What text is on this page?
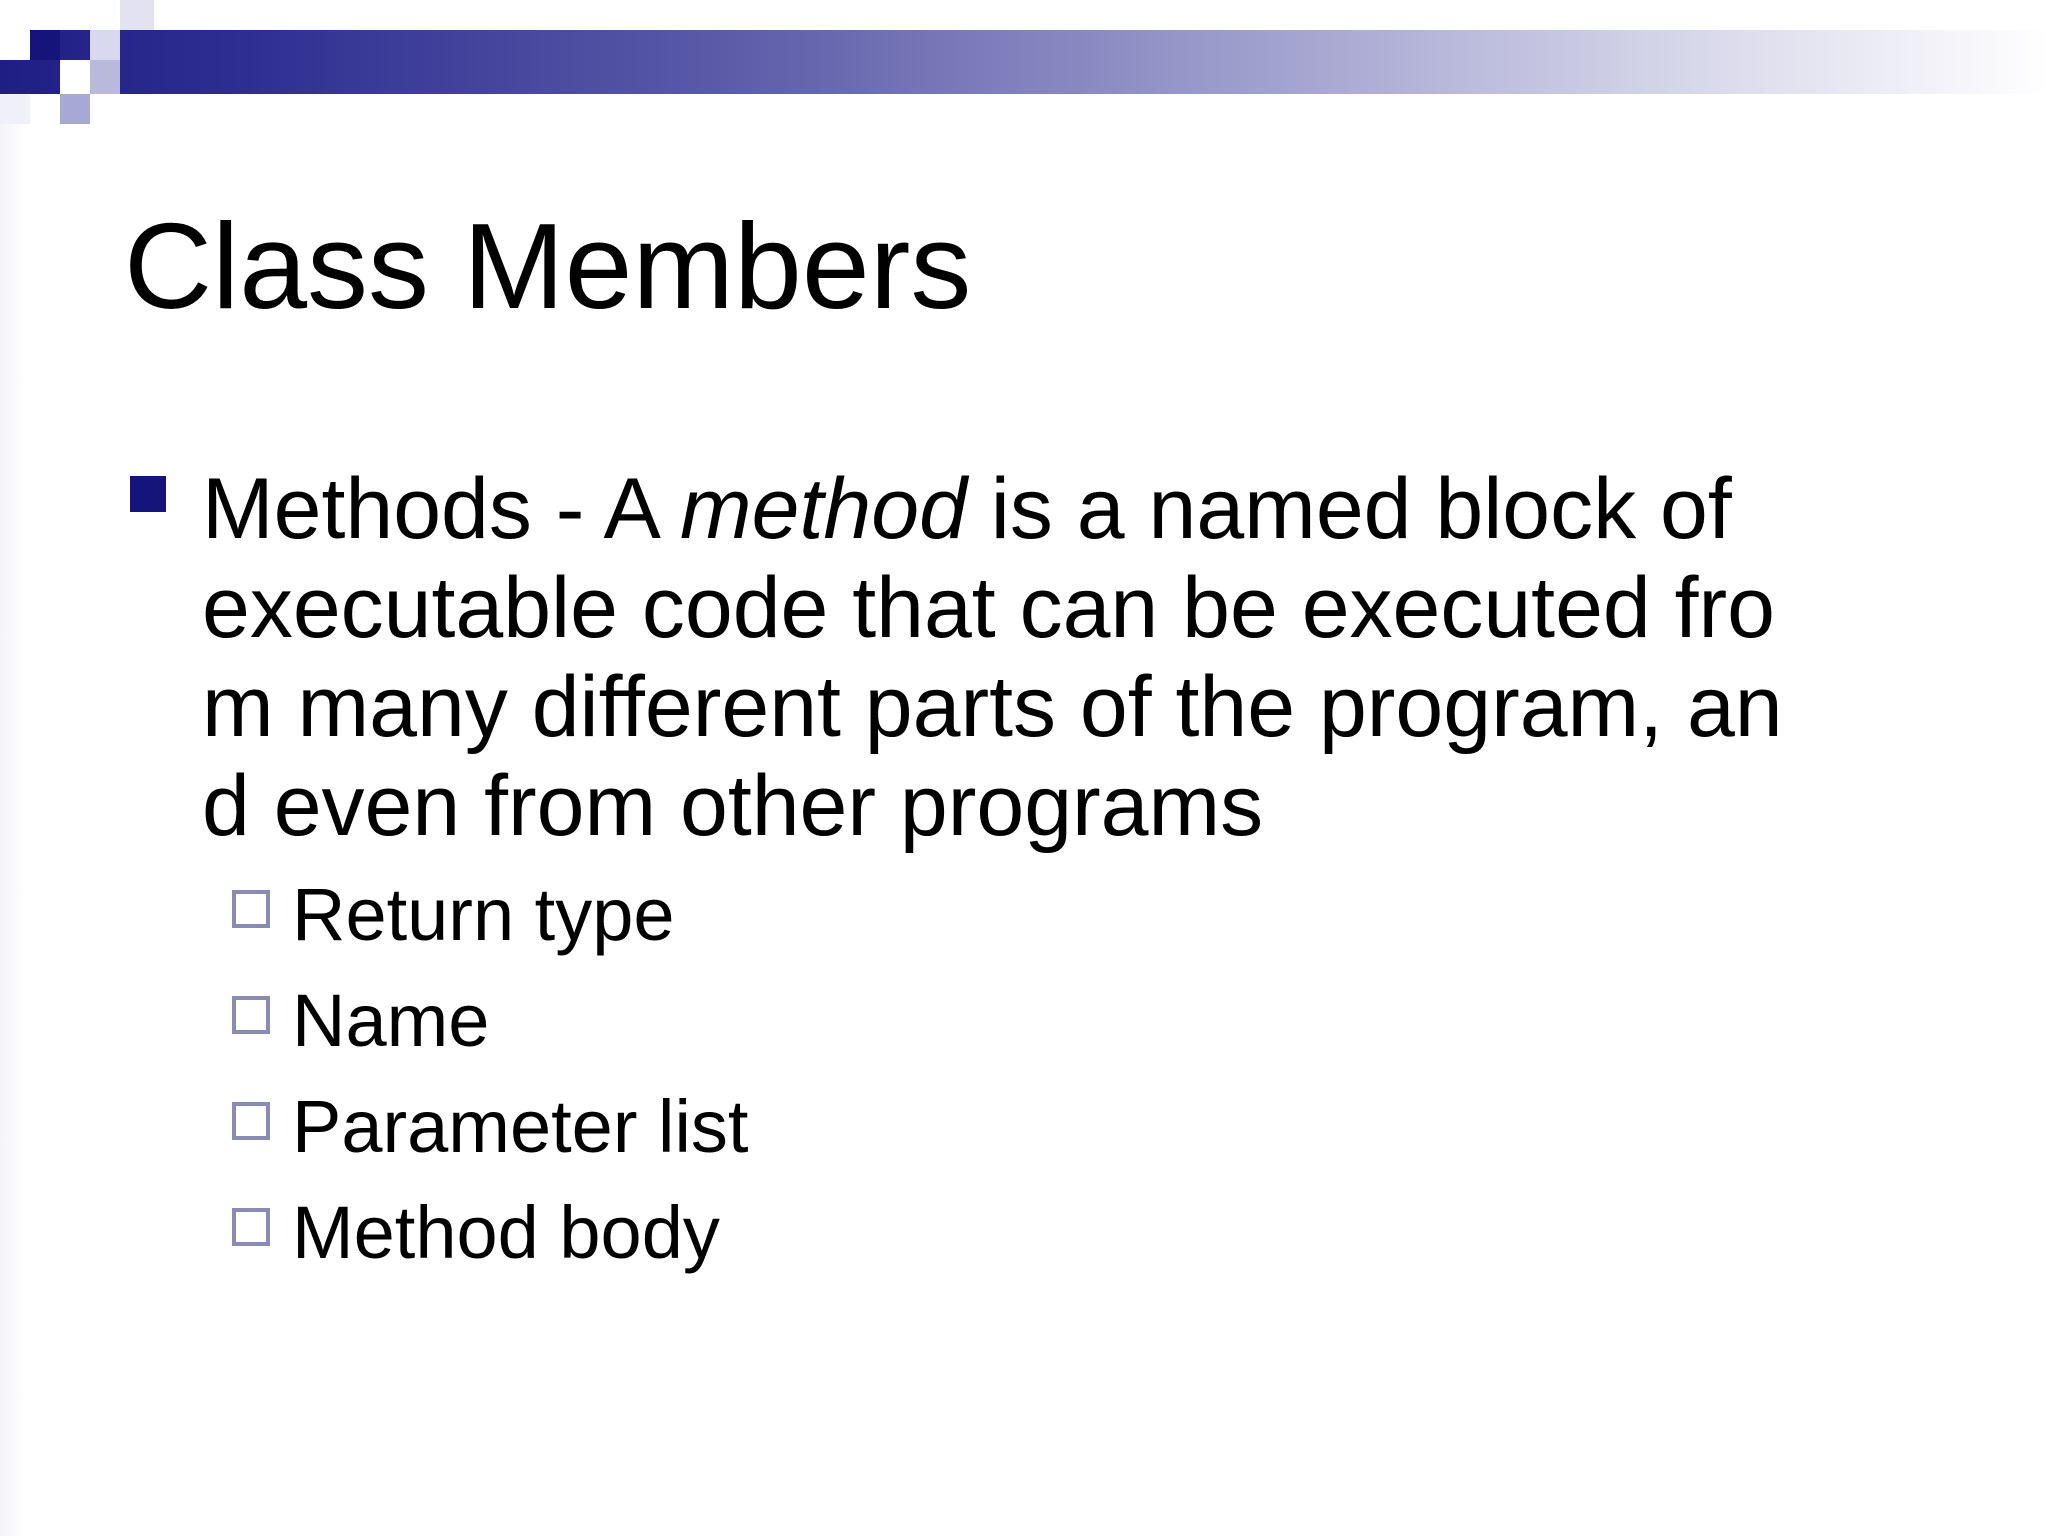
Class Members
Methods - A method is a named block of
executable code that can be executed fro
m many different parts of the program, an
d even from other programs
Return type
Name
Parameter list
Method body
